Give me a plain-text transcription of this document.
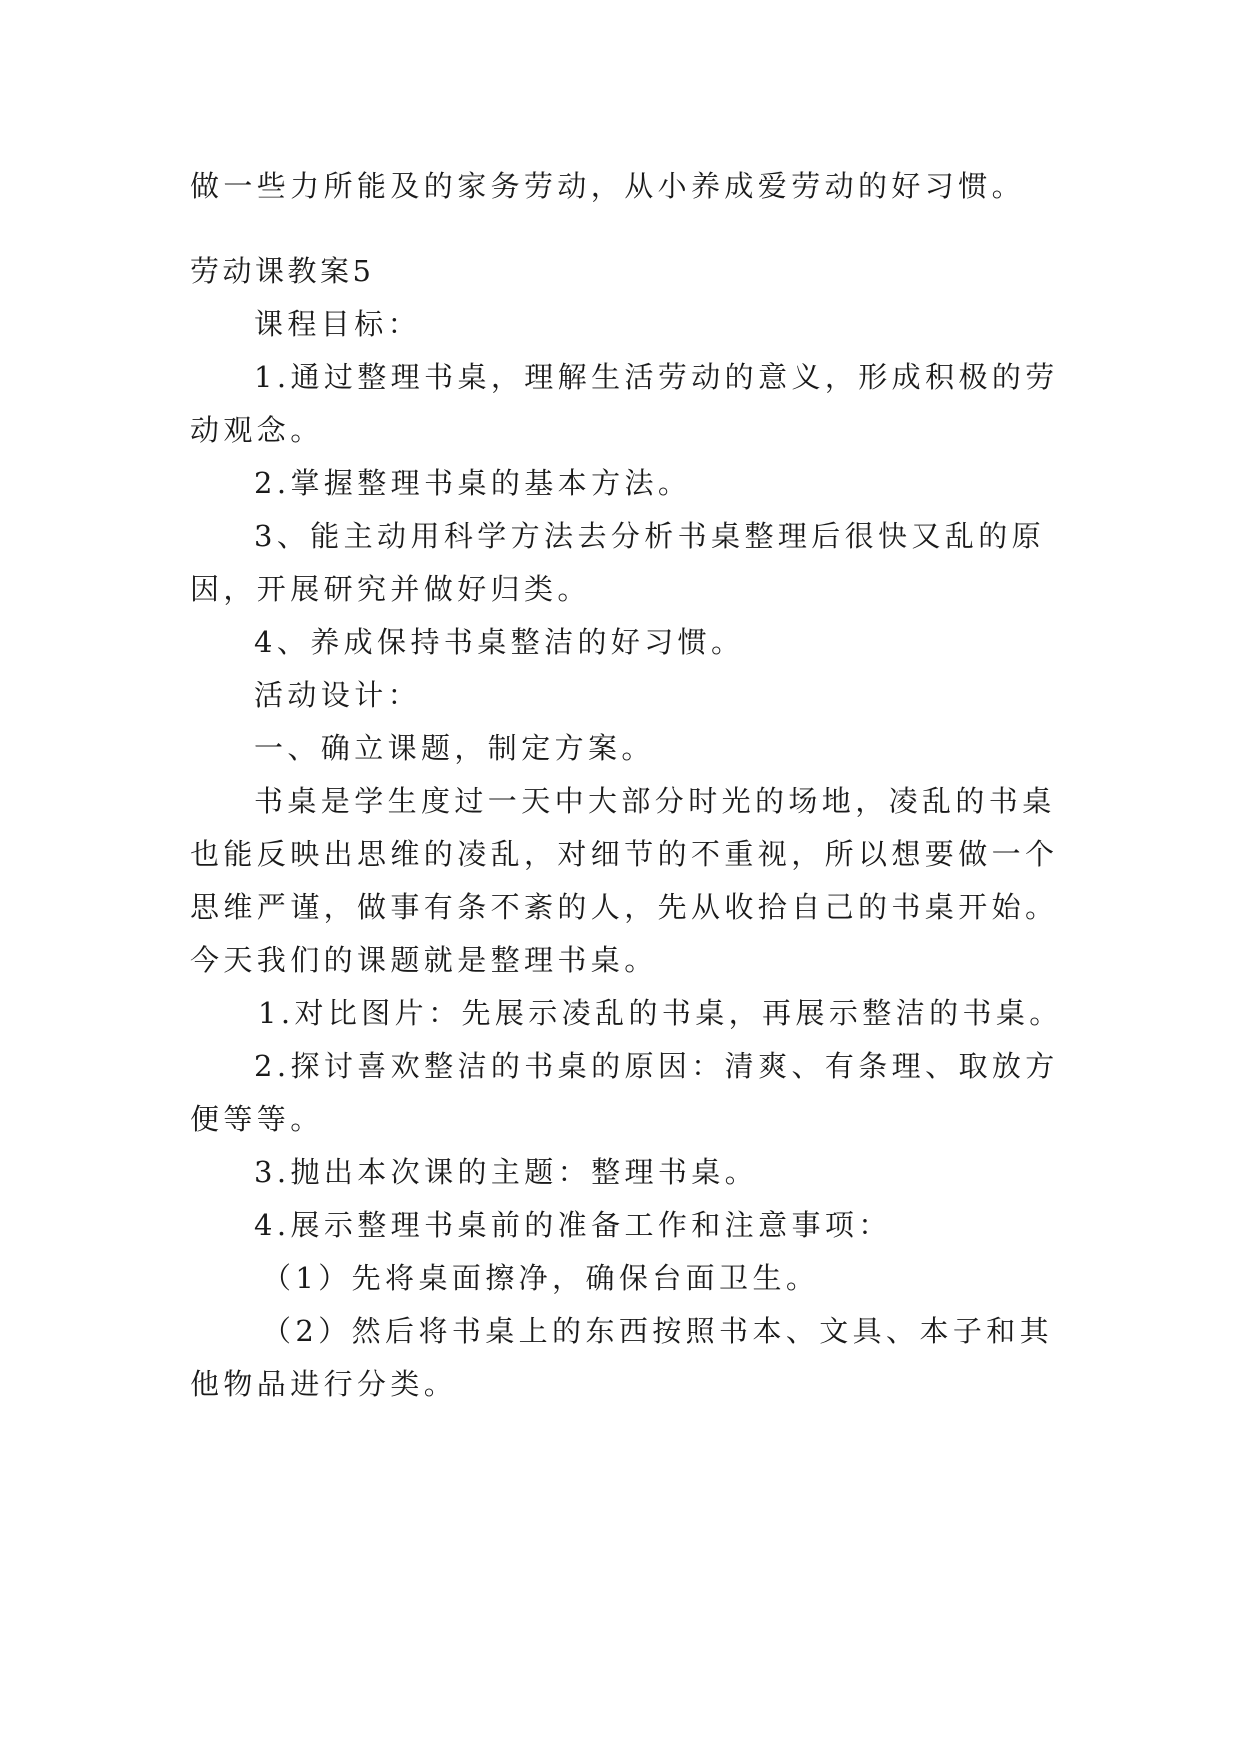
做一些力所能及的家务劳动，从小养成爱劳动的好习惯。
劳动课教案5
课程目标：
1.通过整理书桌，理解生活劳动的意义，形成积极的劳
动观念。
2.掌握整理书桌的基本方法。
3、能主动用科学方法去分析书桌整理后很快又乱的原
因，开展研究并做好归类。
4、养成保持书桌整洁的好习惯。
活动设计：
一、确立课题，制定方案。
书桌是学生度过一天中大部分时光的场地，凌乱的书桌
也能反映出思维的凌乱，对细节的不重视，所以想要做一个
思维严谨，做事有条不紊的人，先从收拾自己的书桌开始。
今天我们的课题就是整理书桌。
1.对比图片：先展示凌乱的书桌，再展示整洁的书桌。
2.探讨喜欢整洁的书桌的原因：清爽、有条理、取放方
便等等。
3.抛出本次课的主题：整理书桌。
4.展示整理书桌前的准备工作和注意事项：
（1）先将桌面擦净，确保台面卫生。
（2）然后将书桌上的东西按照书本、文具、本子和其
他物品进行分类。
